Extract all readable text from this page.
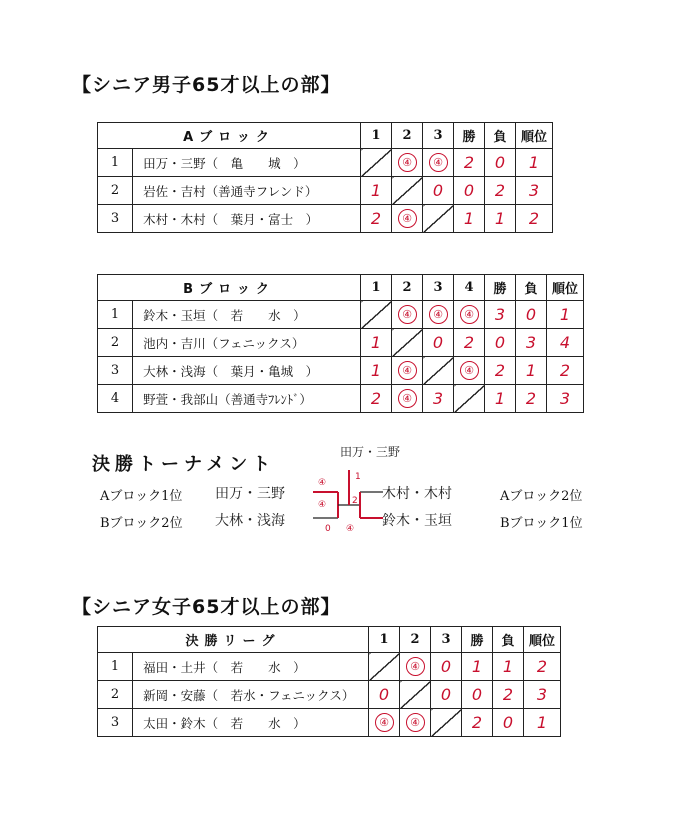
【シニア男子65才以上の部】
Aブロック		1	2	3	勝	負	順位
1	田万・三野（　亀　　城　）		④	④	2	0	1
2	岩佐・吉村（善通寺フレンド）	1		0	0	2	3
3	木村・木村（　葉月・富士　）	2	④		1	1	2
Bブロック		1	2	3	4	勝	負	順位
1	鈴木・玉垣（　若　　水　）		④	④	④	3	0	1
2	池内・吉川（フェニックス）	1		0	2	0	3	4
3	大林・浅海（　葉月・亀城　）	1	④		④	2	1	2
4	野萱・我部山（善通寺ﾌﾚﾝﾄﾞ）	2	④	3		1	2	3
決勝トーナメント
田万・三野
Aブロック1位 田万・三野
Bブロック2位 大林・浅海
木村・木村	Aブロック2位
鈴木・玉垣	Bブロック1位
④
1
④	2
0 ④
【シニア女子65才以上の部】
決勝リーグ		1	2	3	勝	負	順位
1	福田・土井（　若　　水　）		④	0	1	1	2
2	新岡・安藤（　若水・フェニックス）	0		0	0	2	3
3	太田・鈴木（　若　　水　）	④	④		2	0	1
